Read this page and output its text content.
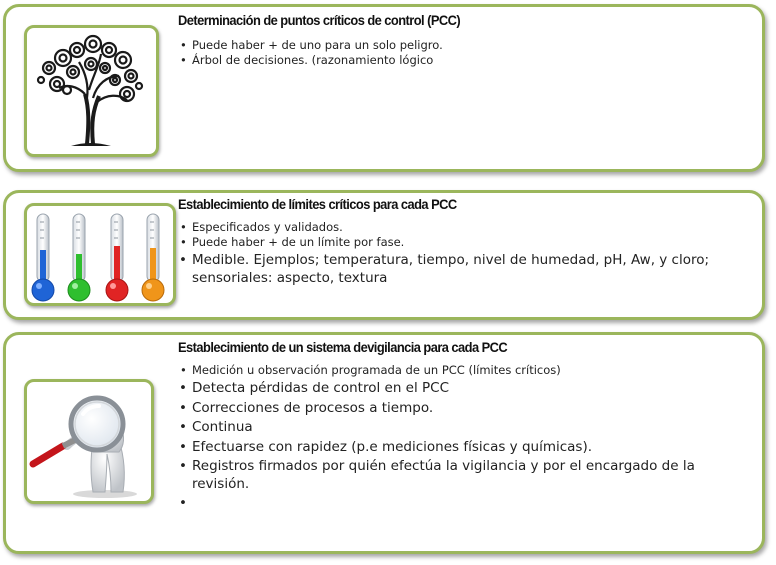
Determinación de puntos críticos de control (PCC)
• Puede haber + de uno para un solo peligro.
• Árbol de decisiones. (razonamiento lógico
Establecimiento de límites críticos para cada PCC
• Especificados y validados.
• Puede haber + de un límite por fase.
• Medible. Ejemplos; temperatura, tiempo, nivel de humedad, pH, Aw, y cloro; sensoriales: aspecto, textura
Establecimiento de un sistema devigilancia para cada PCC
• Medición u observación programada de un PCC (límites críticos)
• Detecta pérdidas de control en el PCC
• Correcciones de procesos a tiempo.
• Continua
• Efectuarse con rapidez (p.e mediciones físicas y químicas).
• Registros firmados por quién efectúa la vigilancia y por el encargado de la revisión.
